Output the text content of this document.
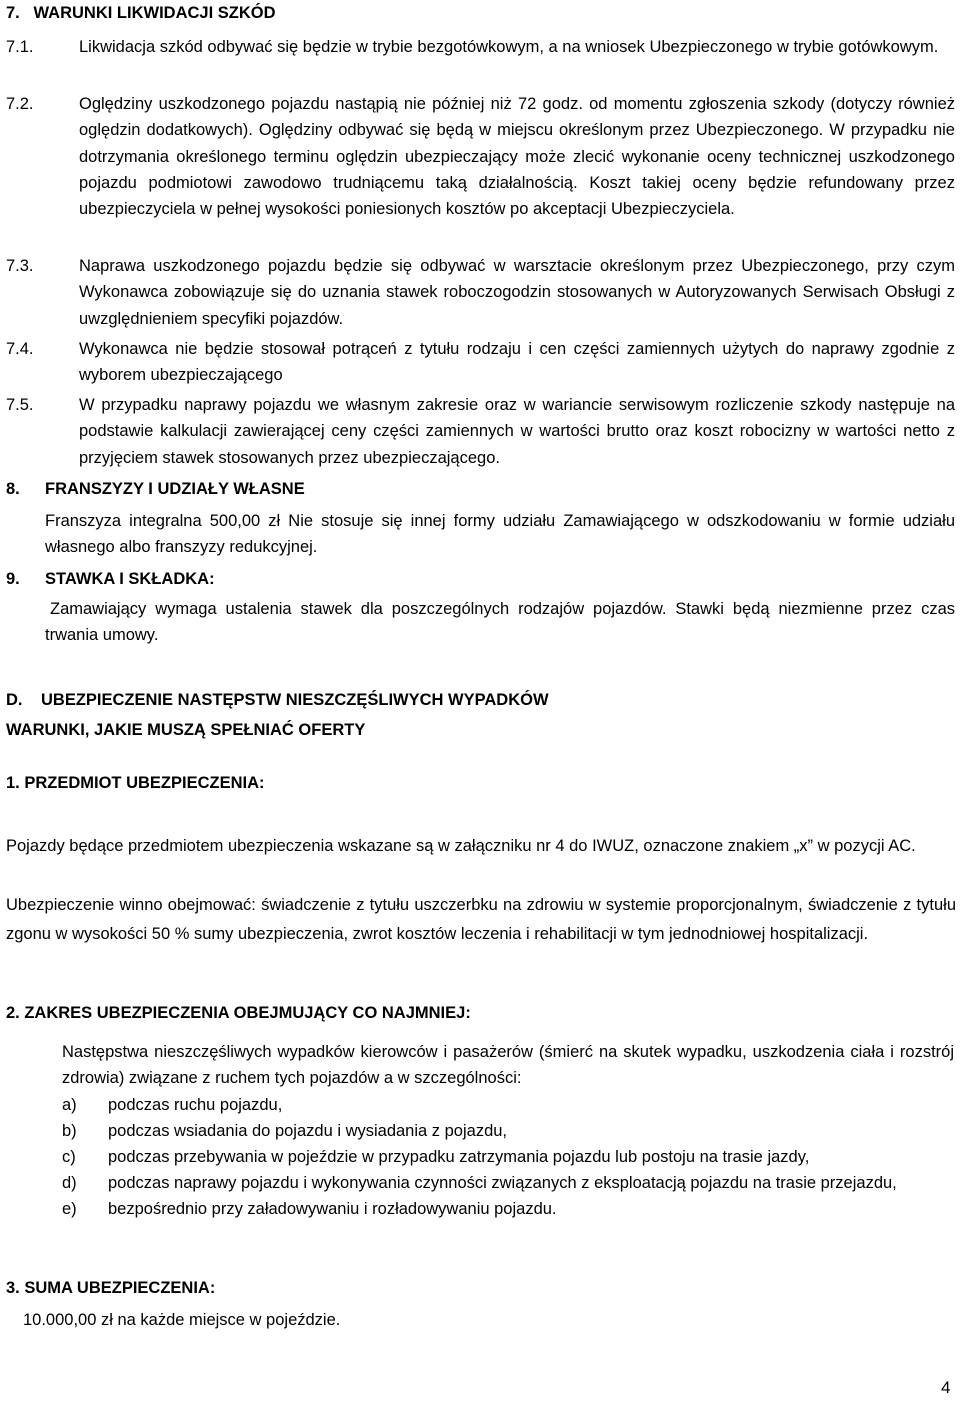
7.   WARUNKI LIKWIDACJI SZKÓD
7.1.	Likwidacja szkód odbywać się będzie w trybie bezgotówkowym, a na wniosek Ubezpieczonego w trybie gotówkowym.
7.2.	Oględziny uszkodzonego pojazdu nastąpią nie później niż 72 godz. od momentu zgłoszenia szkody (dotyczy również oględzin dodatkowych). Oględziny odbywać się będą w miejscu określonym przez Ubezpieczonego. W przypadku nie dotrzymania określonego terminu oględzin ubezpieczający może zlecić wykonanie oceny technicznej uszkodzonego pojazdu podmiotowi zawodowo trudniącemu taką działalnością. Koszt takiej oceny będzie refundowany przez ubezpieczyciela w pełnej wysokości poniesionych kosztów po akceptacji Ubezpieczyciela.
7.3.	Naprawa uszkodzonego pojazdu będzie się odbywać w warsztacie określonym przez Ubezpieczonego, przy czym Wykonawca zobowiązuje się do uznania stawek roboczogodzin stosowanych w Autoryzowanych Serwisach Obsługi z uwzględnieniem specyfiki pojazdów.
7.4.	Wykonawca nie będzie stosował potrąceń z tytułu rodzaju i cen części zamiennych użytych do naprawy zgodnie z wyborem ubezpieczającego
7.5.	W przypadku naprawy pojazdu we własnym zakresie oraz w wariancie serwisowym rozliczenie szkody następuje na podstawie kalkulacji zawierającej ceny części zamiennych w wartości brutto oraz koszt robocizny w wartości netto z przyjęciem stawek stosowanych przez ubezpieczającego.
8. FRANSZYZY I UDZIAŁY WŁASNE
Franszyza integralna 500,00 zł Nie stosuje się innej formy udziału Zamawiającego w odszkodowaniu w formie udziału własnego albo franszyzy redukcyjnej.
9. STAWKA I SKŁADKA:
Zamawiający wymaga ustalenia stawek dla poszczególnych rodzajów pojazdów. Stawki będą niezmienne przez czas trwania umowy.
D. UBEZPIECZENIE NASTĘPSTW NIESZCZĘŚLIWYCH WYPADKÓW
WARUNKI, JAKIE MUSZĄ SPEŁNIAĆ OFERTY
1. PRZEDMIOT UBEZPIECZENIA:
Pojazdy będące przedmiotem ubezpieczenia wskazane są w załączniku nr 4 do IWUZ, oznaczone znakiem „x” w pozycji AC.
Ubezpieczenie winno obejmować: świadczenie z tytułu uszczerbku na zdrowiu w systemie proporcjonalnym, świadczenie z tytułu zgonu w wysokości 50 % sumy ubezpieczenia, zwrot kosztów leczenia i rehabilitacji w tym jednodniowej hospitalizacji.
2. ZAKRES UBEZPIECZENIA OBEJMUJĄCY CO NAJMNIEJ:
Następstwa nieszczęśliwych wypadków kierowców i pasażerów (śmierć na skutek wypadku, uszkodzenia ciała i rozstrój zdrowia) związane z ruchem tych pojazdów a w szczególności:
a)	podczas ruchu pojazdu,
b)	podczas wsiadania do pojazdu i wysiadania z pojazdu,
c)	podczas przebywania w pojeździe w przypadku zatrzymania pojazdu lub postoju na trasie jazdy,
d)	podczas naprawy pojazdu i wykonywania czynności związanych z eksploatacją pojazdu na trasie przejazdu,
e)	bezpośrednio przy załadowywaniu i rozładowywaniu pojazdu.
3. SUMA UBEZPIECZENIA:
10.000,00 zł na każde miejsce w pojeździe.
4
